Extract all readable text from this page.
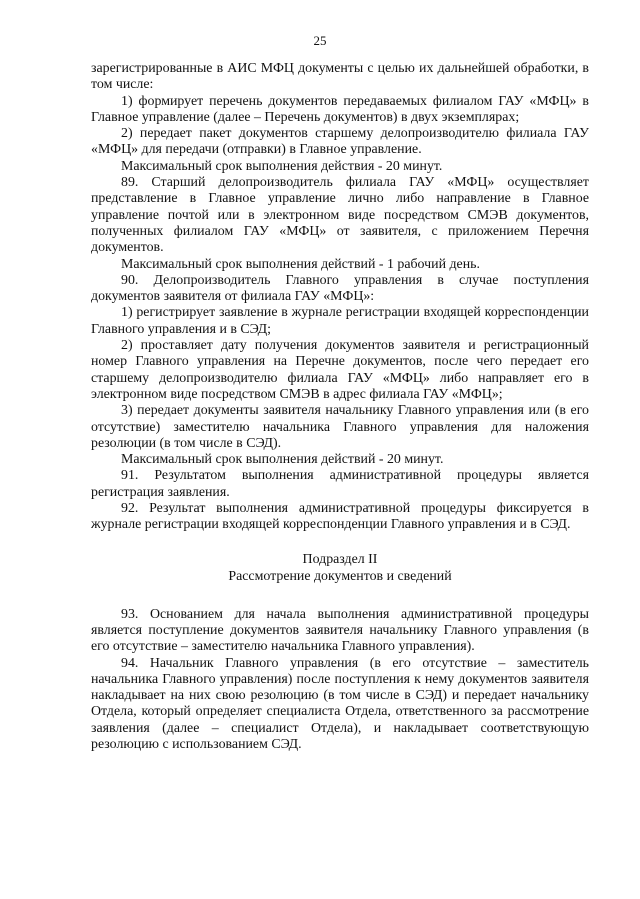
25

зарегистрированные в АИС МФЦ документы с целью их дальнейшей обработки, в том числе:

1) формирует перечень документов передаваемых филиалом ГАУ «МФЦ» в Главное управление (далее – Перечень документов) в двух экземплярах;

2) передает пакет документов старшему делопроизводителю филиала ГАУ «МФЦ» для передачи (отправки) в Главное управление.

Максимальный срок выполнения действия - 20 минут.

89. Старший делопроизводитель филиала ГАУ «МФЦ» осуществляет представление в Главное управление лично либо направление в Главное управление почтой или в электронном виде посредством СМЭВ документов, полученных филиалом ГАУ «МФЦ» от заявителя, с приложением Перечня документов.

Максимальный срок выполнения действий - 1 рабочий день.

90. Делопроизводитель Главного управления в случае поступления документов заявителя от филиала ГАУ «МФЦ»:

1) регистрирует заявление в журнале регистрации входящей корреспонденции Главного управления и в СЭД;

2) проставляет дату получения документов заявителя и регистрационный номер Главного управления на Перечне документов, после чего передает его старшему делопроизводителю филиала ГАУ «МФЦ» либо направляет его в электронном виде посредством СМЭВ в адрес филиала ГАУ «МФЦ»;

3) передает документы заявителя начальнику Главного управления или (в его отсутствие) заместителю начальника Главного управления для наложения резолюции (в том числе в СЭД).

Максимальный срок выполнения действий - 20 минут.

91. Результатом выполнения административной процедуры является регистрация заявления.

92. Результат выполнения административной процедуры фиксируется в журнале регистрации входящей корреспонденции Главного управления и в СЭД.

Подраздел II

Рассмотрение документов и сведений

93. Основанием для начала выполнения административной процедуры является поступление документов заявителя начальнику Главного управления (в его отсутствие – заместителю начальника Главного управления).

94. Начальник Главного управления (в его отсутствие – заместитель начальника Главного управления) после поступления к нему документов заявителя накладывает на них свою резолюцию (в том числе в СЭД) и передает начальнику Отдела, который определяет специалиста Отдела, ответственного за рассмотрение заявления (далее – специалист Отдела), и накладывает соответствующую резолюцию с использованием СЭД.
